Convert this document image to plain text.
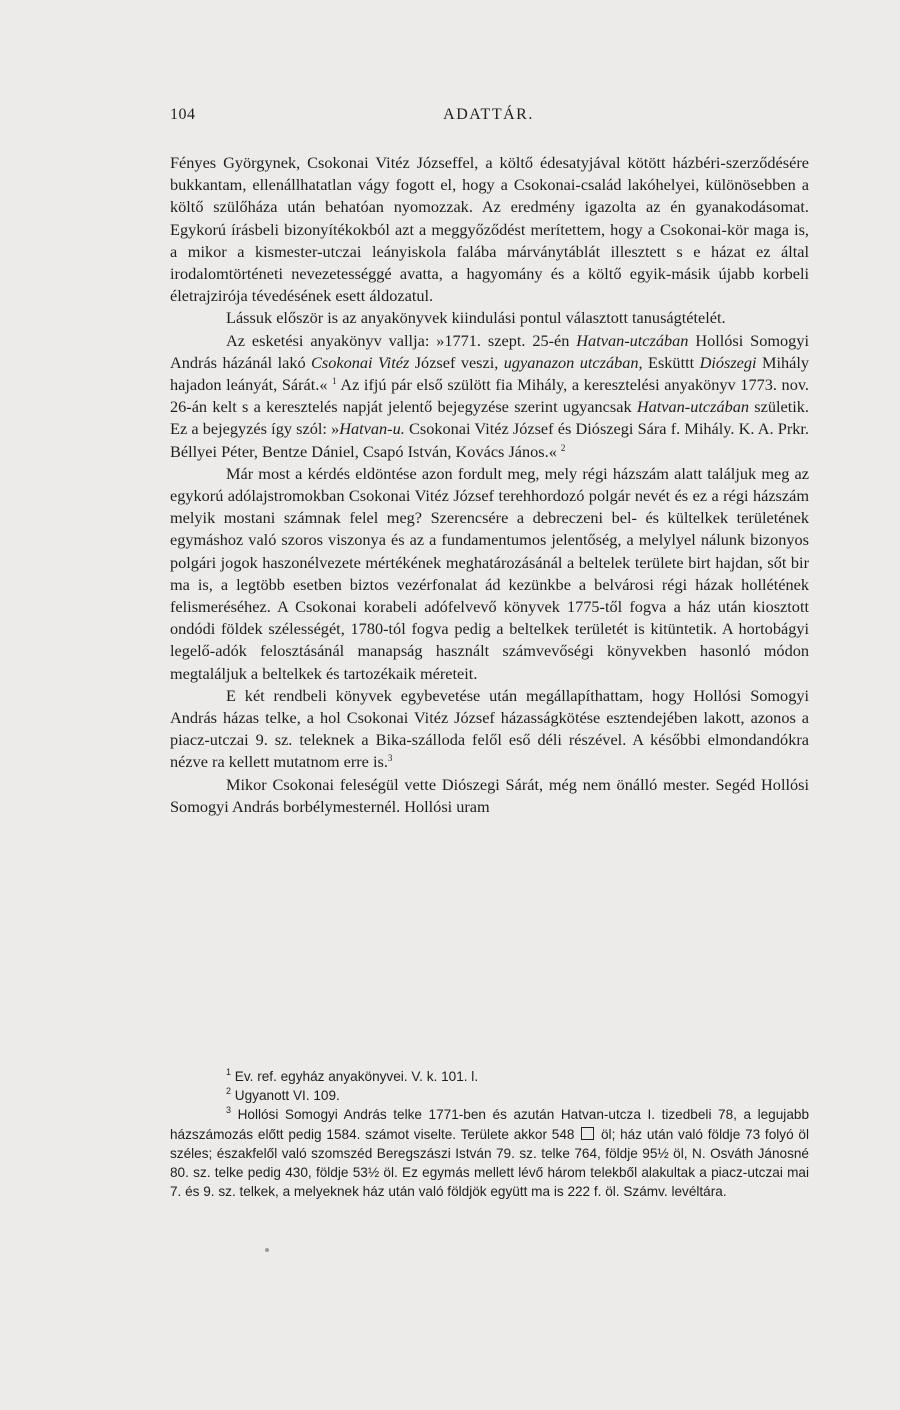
104	ADATTÁR.

Fényes Györgynek, Csokonai Vitéz Józseffel, a költő édesatyjával kötött házbéri-szerződésére bukkantam, ellenállhatatlan vágy fogott el, hogy a Csokonai-család lakóhelyei, különösebben a költő szülőháza után behatóan nyomozzak. Az eredmény igazolta az én gyanakodásomat. Egykorú írásbeli bizonyítékokból azt a meggyőződést merítettem, hogy a Csokonai-kör maga is, a mikor a kismester-utczai leányiskola falába márványtáblát illesztett s e házat ez által irodalomtörténeti nevezetességgé avatta, a hagyomány és a költő egyik-másik újabb korbeli életrajzirója tévedésének esett áldozatul.

Lássuk először is az anyakönyvek kiindulási pontul választott tanuságtételét.

Az esketési anyakönyv vallja: »1771. szept. 25-én Hatvan-utczában Hollósi Somogyi András házánál lakó Csokonai Vitéz József veszi, ugyanazon utczában, Esküttt Diószegi Mihály hajadon leányát, Sárát.« $^1$ Az ifjú pár első szülött fia Mihály, a keresztelési anyakönyv 1773. nov. 26-án kelt s a keresztelés napját jelentő bejegyzése szerint ugyancsak Hatvan-utczában születik. Ez a bejegyzés így szól: »Hatvan-u. Csokonai Vitéz József és Diószegi Sára f. Mihály. K. A. Prkr. Béllyei Péter, Bentze Dániel, Csapó István, Kovács János.« $^2$

Már most a kérdés eldöntése azon fordult meg, mely régi házszám alatt találjuk meg az egykorú adólajstromokban Csokonai Vitéz József terehhordozó polgár nevét és ez a régi házszám melyik mostani számnak felel meg? Szerencsére a debreczeni bel- és kültelkek területének egymáshoz való szoros viszonya és az a fundamentumos jelentőség, a melylyel nálunk bizonyos polgári jogok haszonélvezete mértékének meghatározásánál a beltelek területe birt hajdan, sőt bir ma is, a legtöbb esetben biztos vezérfonalat ád kezünkbe a belvárosi régi házak hollétének felismeréséhez. A Csokonai korabeli adófelvevő könyvek 1775-től fogva a ház után kiosztott ondódi földek szélességét, 1780-tól fogva pedig a beltelkek területét is kitüntetik. A hortobágyi legelő-adók felosztásánál manapság használt számvevőségi könyvekben hasonló módon megtaláljuk a beltelkek és tartozékaik méreteit.

E két rendbeli könyvek egybevetése után megállapíthattam, hogy Hollósi Somogyi András házas telke, a hol Csokonai Vitéz József házasságkötése esztendejében lakott, azonos a piacz-utczai 9. sz. teleknek a Bika-szálloda felől eső déli részével. A későbbi elmondandókra nézve ra kellett mutatnom erre is.$^3$

Mikor Csokonai feleségül vette Diószegi Sárát, még nem önálló mester. Segéd Hollósi Somogyi András borbélymesternél. Hollósi uram

$^1$ Ev. ref. egyház anyakönyvei. V. k. 101. l.

$^2$ Ugyanott VI. 109.

$^3$ Hollósi Somogyi András telke 1771-ben és azután Hatvan-utcza I. tizedbeli 78, a legujabb házszámozás előtt pedig 1584. számot viselte. Területe akkor 548  öl; ház után való földje 73 folyó öl széles; északfelől való szomszéd Beregszászi István 79. sz. telke 764, földje 95½ öl, N. Osváth Jánosné 80. sz. telke pedig 430, földje 53½ öl. Ez egymás mellett lévő három telekből alakultak a piacz-utczai mai 7. és 9. sz. telkek, a melyeknek ház után való földjök együtt ma is 222 f. öl. Számv. levéltára.
